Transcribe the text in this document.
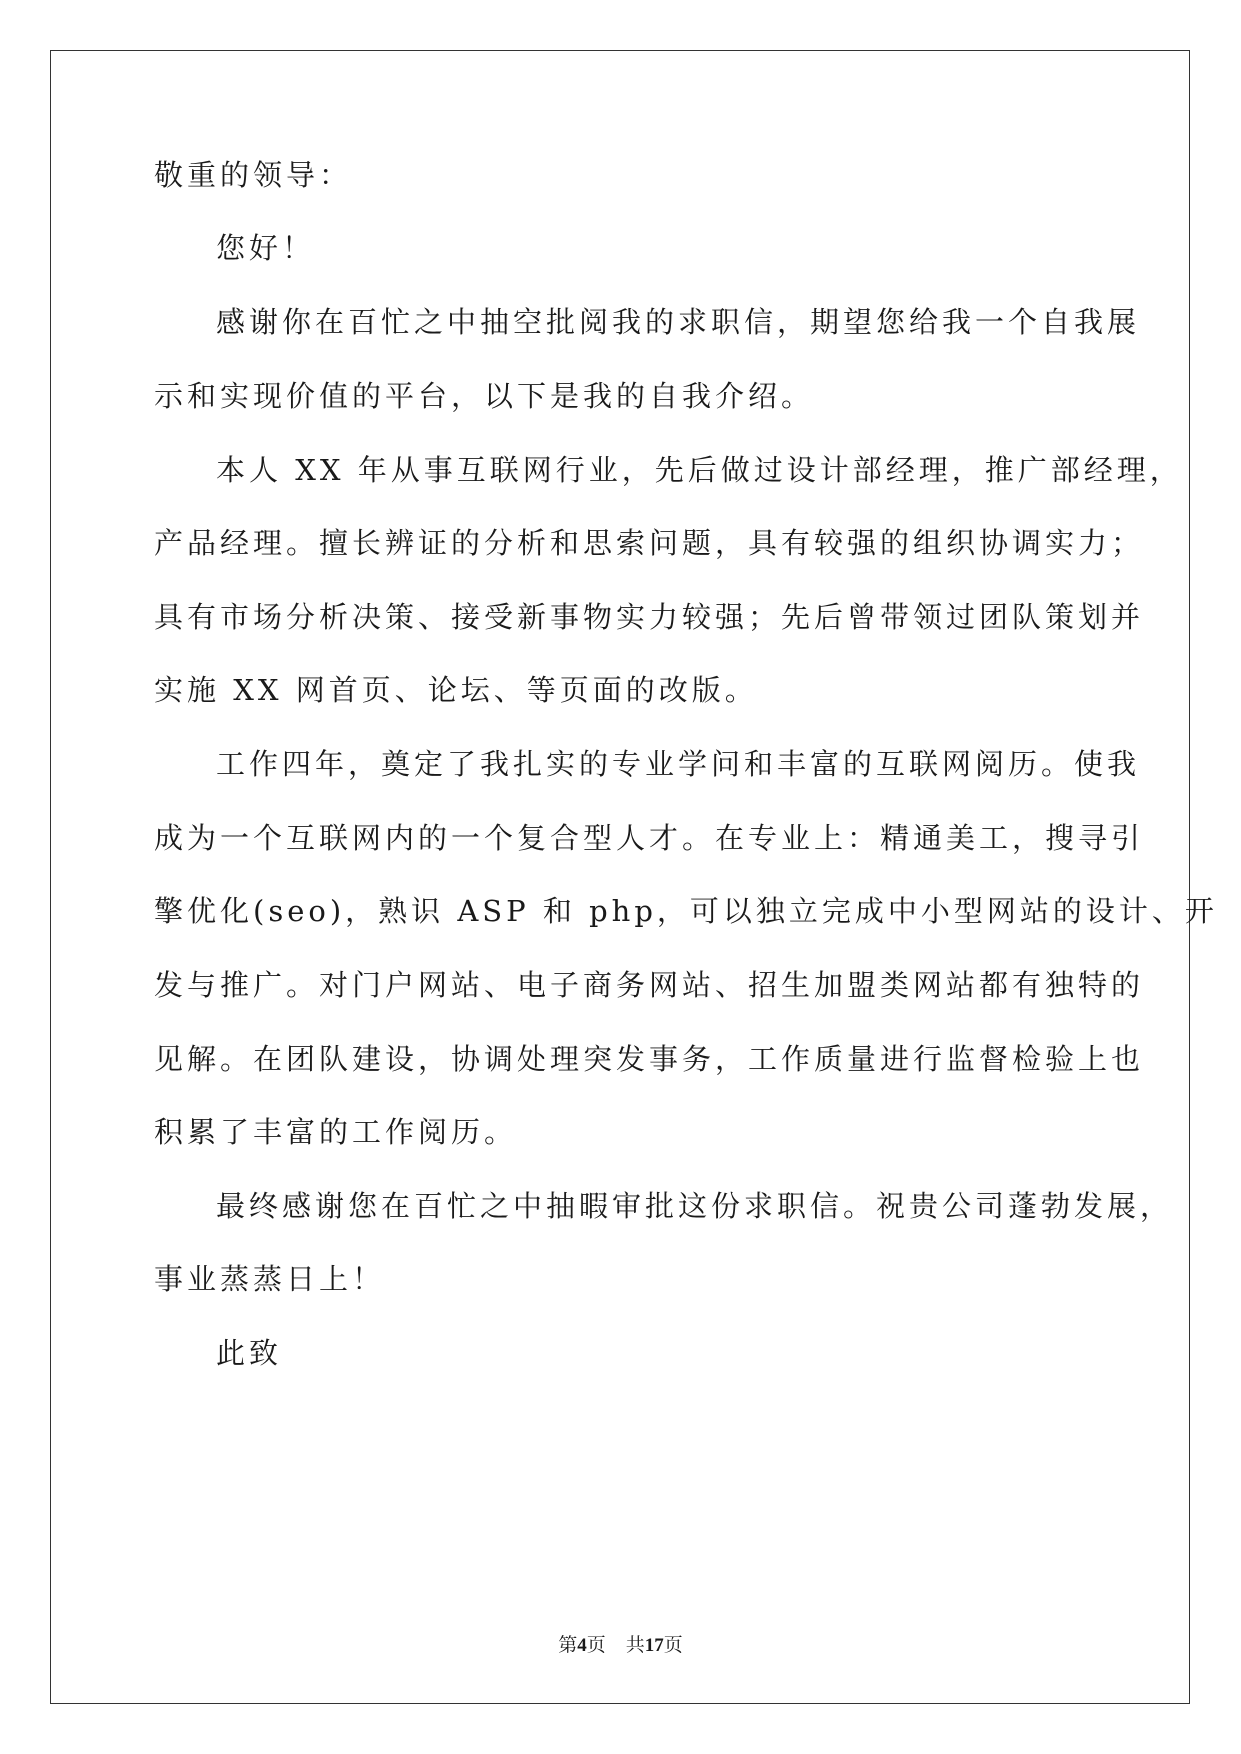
敬重的领导：
您好！
感谢你在百忙之中抽空批阅我的求职信，期望您给我一个自我展
示和实现价值的平台，以下是我的自我介绍。
本人 XX 年从事互联网行业，先后做过设计部经理，推广部经理，
产品经理。擅长辨证的分析和思索问题，具有较强的组织协调实力；
具有市场分析决策、接受新事物实力较强；先后曾带领过团队策划并
实施 XX 网首页、论坛、等页面的改版。
工作四年，奠定了我扎实的专业学问和丰富的互联网阅历。使我
成为一个互联网内的一个复合型人才。在专业上：精通美工，搜寻引
擎优化(seo)，熟识 ASP 和 php，可以独立完成中小型网站的设计、开
发与推广。对门户网站、电子商务网站、招生加盟类网站都有独特的
见解。在团队建设，协调处理突发事务，工作质量进行监督检验上也
积累了丰富的工作阅历。
最终感谢您在百忙之中抽暇审批这份求职信。祝贵公司蓬勃发展，
事业蒸蒸日上！
此致
第4页 共17页
